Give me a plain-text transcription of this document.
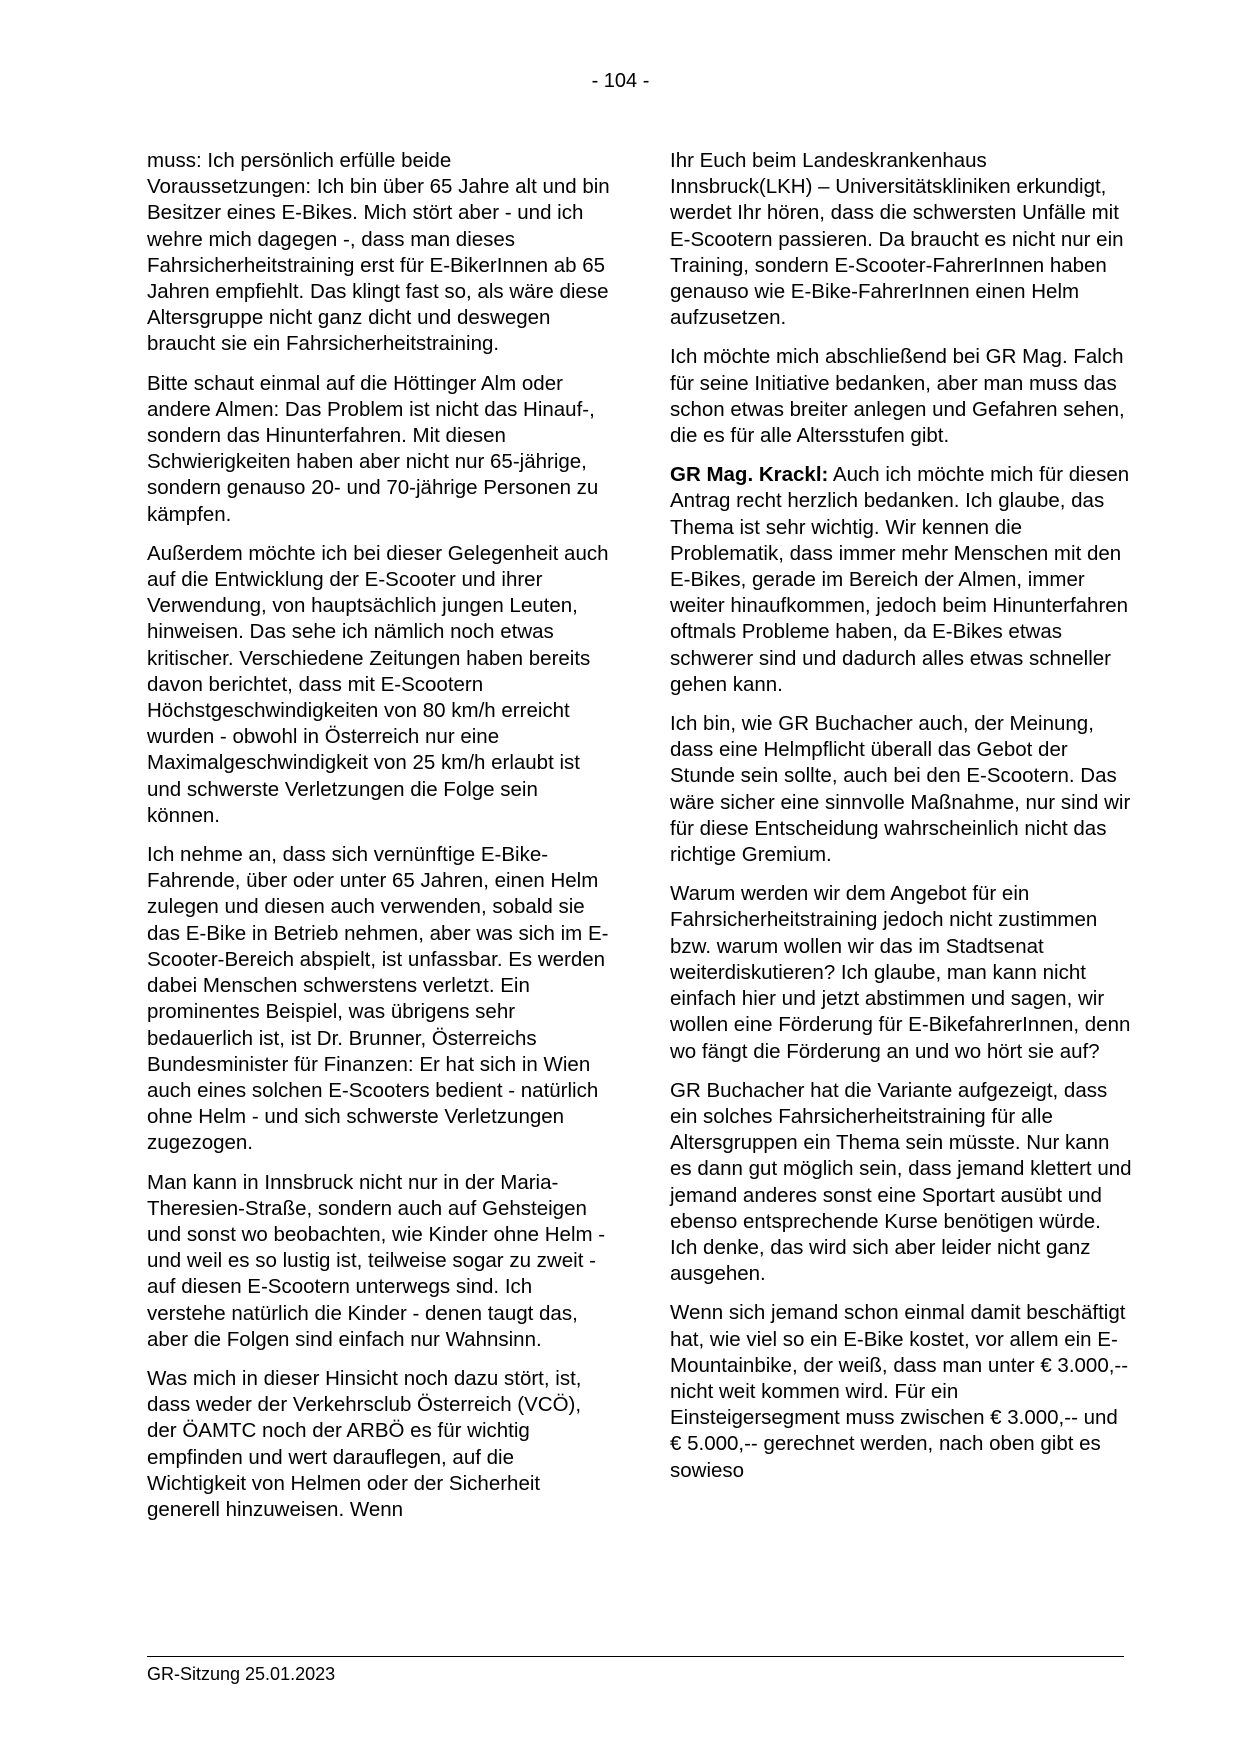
- 104 -

muss: Ich persönlich erfülle beide Voraussetzungen: Ich bin über 65 Jahre alt und bin Besitzer eines E-Bikes. Mich stört aber - und ich wehre mich dagegen -, dass man dieses Fahrsicherheitstraining erst für E-BikerInnen ab 65 Jahren empfiehlt. Das klingt fast so, als wäre diese Altersgruppe nicht ganz dicht und deswegen braucht sie ein Fahrsicherheitstraining.

Bitte schaut einmal auf die Höttinger Alm oder andere Almen: Das Problem ist nicht das Hinauf-, sondern das Hinunterfahren. Mit diesen Schwierigkeiten haben aber nicht nur 65-jährige, sondern genauso 20- und 70-jährige Personen zu kämpfen.

Außerdem möchte ich bei dieser Gelegenheit auch auf die Entwicklung der E-Scooter und ihrer Verwendung, von hauptsächlich jungen Leuten, hinweisen. Das sehe ich nämlich noch etwas kritischer. Verschiedene Zeitungen haben bereits davon berichtet, dass mit E-Scootern Höchstgeschwindigkeiten von 80 km/h erreicht wurden - obwohl in Österreich nur eine Maximalgeschwindigkeit von 25 km/h erlaubt ist und schwerste Verletzungen die Folge sein können.

Ich nehme an, dass sich vernünftige E-Bike-Fahrende, über oder unter 65 Jahren, einen Helm zulegen und diesen auch verwenden, sobald sie das E-Bike in Betrieb nehmen, aber was sich im E-Scooter-Bereich abspielt, ist unfassbar. Es werden dabei Menschen schwerstens verletzt. Ein prominentes Beispiel, was übrigens sehr bedauerlich ist, ist Dr. Brunner, Österreichs Bundesminister für Finanzen: Er hat sich in Wien auch eines solchen E-Scooters bedient - natürlich ohne Helm - und sich schwerste Verletzungen zugezogen.

Man kann in Innsbruck nicht nur in der Maria-Theresien-Straße, sondern auch auf Gehsteigen und sonst wo beobachten, wie Kinder ohne Helm - und weil es so lustig ist, teilweise sogar zu zweit - auf diesen E-Scootern unterwegs sind. Ich verstehe natürlich die Kinder - denen taugt das, aber die Folgen sind einfach nur Wahnsinn.

Was mich in dieser Hinsicht noch dazu stört, ist, dass weder der Verkehrsclub Österreich (VCÖ), der ÖAMTC noch der ARBÖ es für wichtig empfinden und wert darauflegen, auf die Wichtigkeit von Helmen oder der Sicherheit generell hinzuweisen. Wenn

Ihr Euch beim Landeskrankenhaus Innsbruck(LKH) – Universitätskliniken erkundigt, werdet Ihr hören, dass die schwersten Unfälle mit E-Scootern passieren. Da braucht es nicht nur ein Training, sondern E-Scooter-FahrerInnen haben genauso wie E-Bike-FahrerInnen einen Helm aufzusetzen.

Ich möchte mich abschließend bei GR Mag. Falch für seine Initiative bedanken, aber man muss das schon etwas breiter anlegen und Gefahren sehen, die es für alle Altersstufen gibt.

GR Mag. Krackl: Auch ich möchte mich für diesen Antrag recht herzlich bedanken. Ich glaube, das Thema ist sehr wichtig. Wir kennen die Problematik, dass immer mehr Menschen mit den E-Bikes, gerade im Bereich der Almen, immer weiter hinaufkommen, jedoch beim Hinunterfahren oftmals Probleme haben, da E-Bikes etwas schwerer sind und dadurch alles etwas schneller gehen kann.

Ich bin, wie GR Buchacher auch, der Meinung, dass eine Helmpflicht überall das Gebot der Stunde sein sollte, auch bei den E-Scootern. Das wäre sicher eine sinnvolle Maßnahme, nur sind wir für diese Entscheidung wahrscheinlich nicht das richtige Gremium.

Warum werden wir dem Angebot für ein Fahrsicherheitstraining jedoch nicht zustimmen bzw. warum wollen wir das im Stadtsenat weiterdiskutieren? Ich glaube, man kann nicht einfach hier und jetzt abstimmen und sagen, wir wollen eine Förderung für E-BikefahrerInnen, denn wo fängt die Förderung an und wo hört sie auf?

GR Buchacher hat die Variante aufgezeigt, dass ein solches Fahrsicherheitstraining für alle Altersgruppen ein Thema sein müsste. Nur kann es dann gut möglich sein, dass jemand klettert und jemand anderes sonst eine Sportart ausübt und ebenso entsprechende Kurse benötigen würde. Ich denke, das wird sich aber leider nicht ganz ausgehen.

Wenn sich jemand schon einmal damit beschäftigt hat, wie viel so ein E-Bike kostet, vor allem ein E-Mountainbike, der weiß, dass man unter € 3.000,-- nicht weit kommen wird. Für ein Einsteigersegment muss zwischen € 3.000,-- und € 5.000,-- gerechnet werden, nach oben gibt es sowieso

GR-Sitzung 25.01.2023
